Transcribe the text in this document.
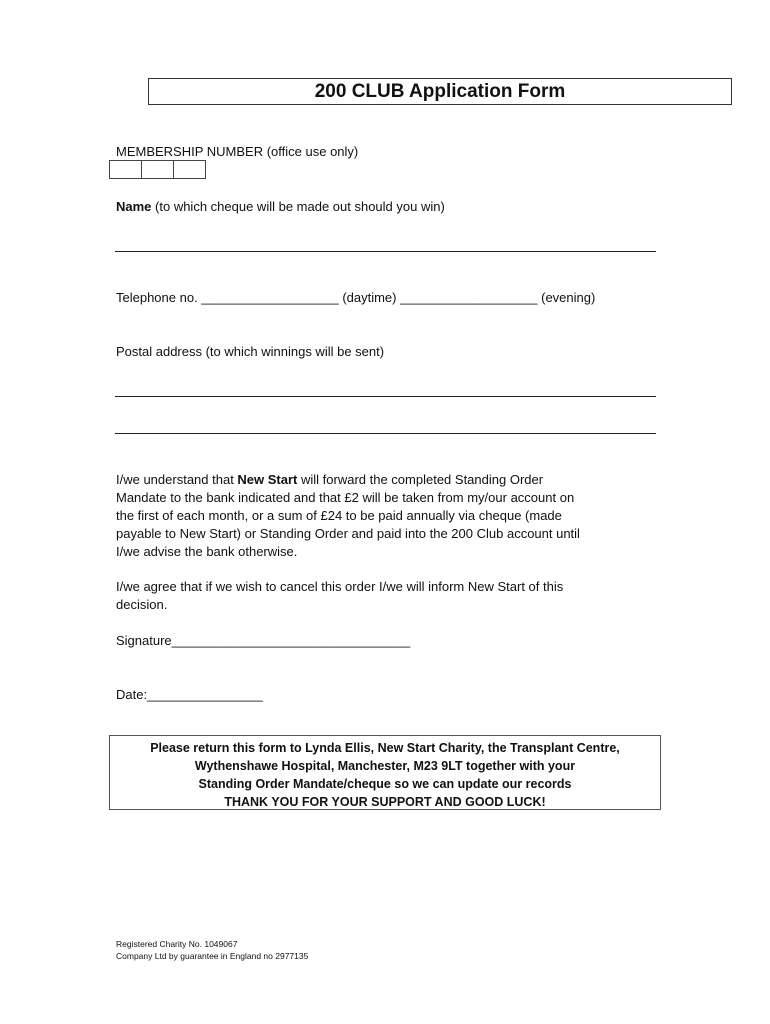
200 CLUB Application Form
MEMBERSHIP NUMBER (office use only)
Name (to which cheque will be made out should you win)
Telephone no. ___________________ (daytime) ___________________ (evening)
Postal address (to which winnings will be sent)
I/we understand that New Start will forward the completed Standing Order
Mandate to the bank indicated and that £2 will be taken from my/our account on
the first of each month, or a sum of £24 to be paid annually via cheque (made
payable to New Start) or Standing Order and paid into the 200 Club account until
I/we advise the bank otherwise.
I/we agree that if we wish to cancel this order I/we will inform New Start of this
decision.
Signature_________________________________
Date:________________
Please return this form to Lynda Ellis, New Start Charity, the Transplant Centre,
Wythenshawe Hospital, Manchester, M23 9LT together with your
Standing Order Mandate/cheque so we can update our records
THANK YOU FOR YOUR SUPPORT AND GOOD LUCK!
Registered Charity No. 1049067
Company Ltd by guarantee in England no 2977135
